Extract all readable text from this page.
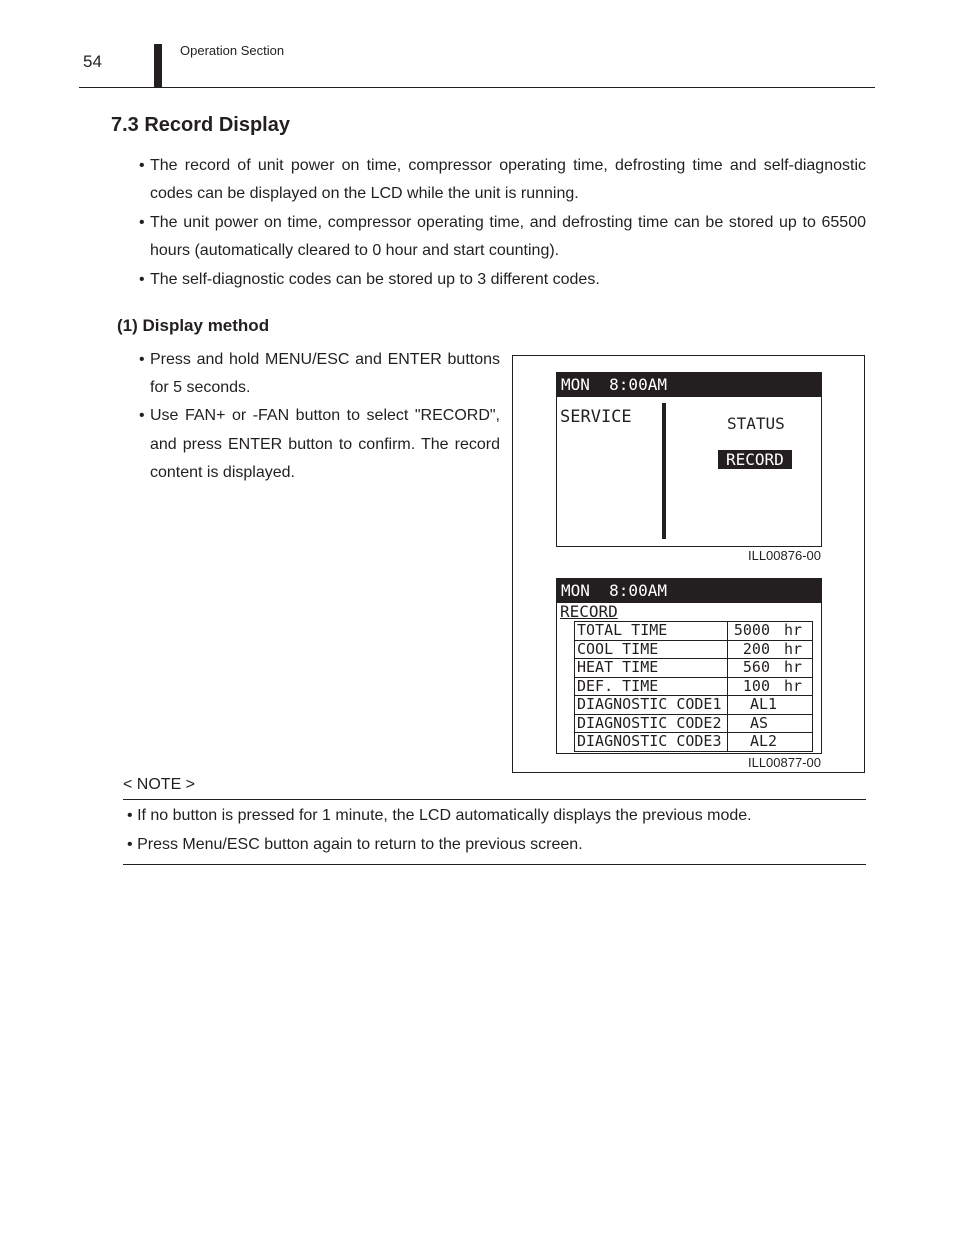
54
Operation Section
7.3 Record Display
• The record of unit power on time, compressor operating time, defrosting time and self-diagnostic codes can be displayed on the LCD while the unit is running.
• The unit power on time, compressor operating time, and defrosting time can be stored up to 65500 hours (automatically cleared to 0 hour and start counting).
• The self-diagnostic codes can be stored up to 3 different codes.
(1) Display method
• Press and hold MENU/ESC and ENTER buttons for 5 seconds.
• Use FAN+ or -FAN button to select "RECORD", and press ENTER button to confirm. The record content is displayed.
MON  8:00AM
SERVICE	STATUS
RECORD
ILL00876-00
MON  8:00AM
RECORD
TOTAL TIME	5000 hr
COOL TIME	200 hr
HEAT TIME	560 hr
DEF. TIME	100 hr
DIAGNOSTIC CODE1	AL1
DIAGNOSTIC CODE2	AS
DIAGNOSTIC CODE3	AL2
ILL00877-00
< NOTE >
• If no button is pressed for 1 minute, the LCD automatically displays the previous mode.
• Press Menu/ESC button again to return to the previous screen.
